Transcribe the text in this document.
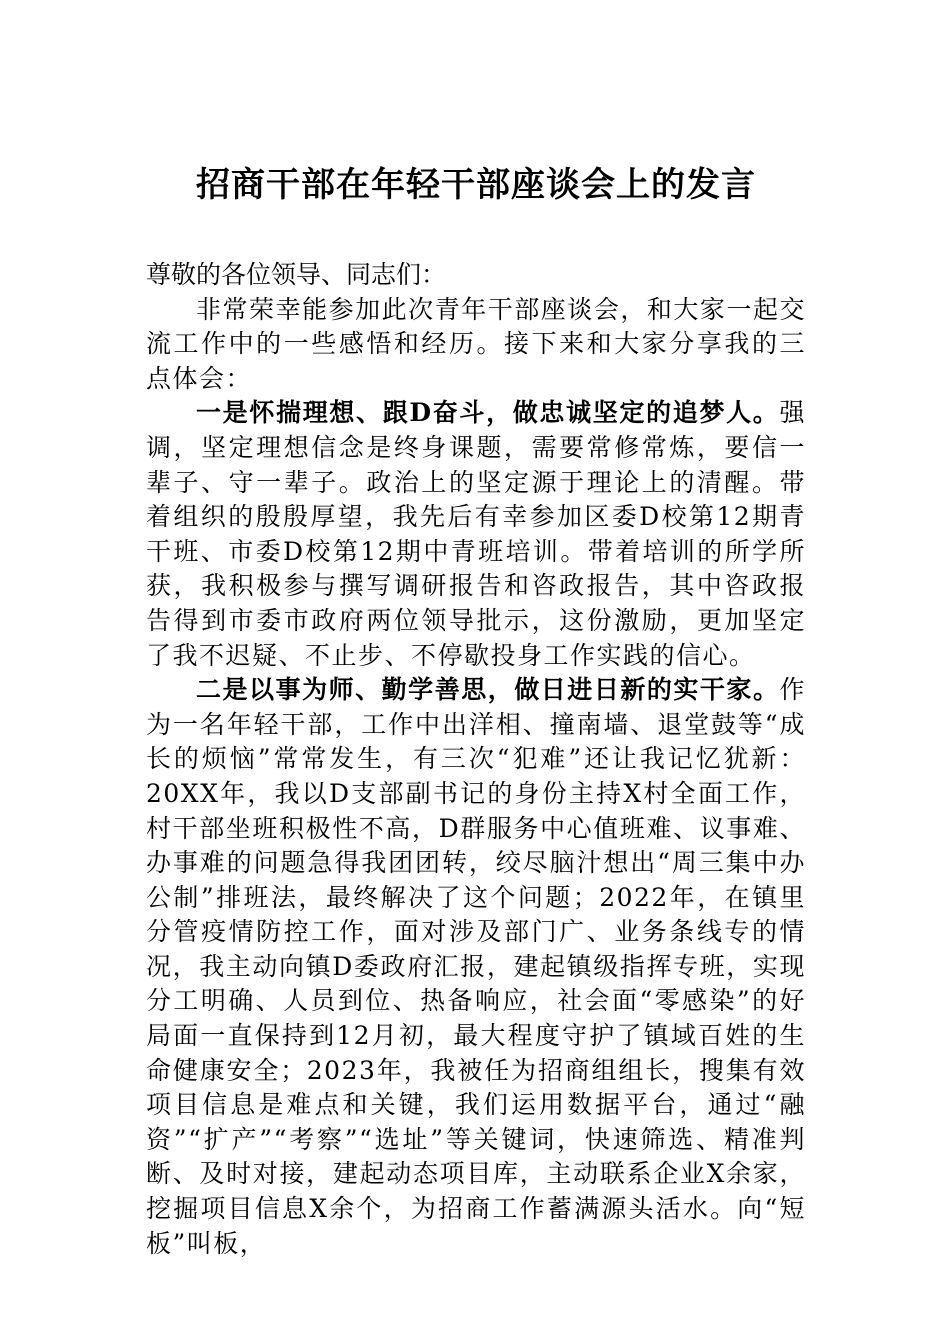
招商干部在年轻干部座谈会上的发言

尊敬的各位领导、同志们：

非常荣幸能参加此次青年干部座谈会，和大家一起交流工作中的一些感悟和经历。接下来和大家分享我的三点体会：

一是怀揣理想、跟D奋斗，做忠诚坚定的追梦人。强调，坚定理想信念是终身课题，需要常修常炼，要信一辈子、守一辈子。政治上的坚定源于理论上的清醒。带着组织的殷殷厚望，我先后有幸参加区委D校第12期青干班、市委D校第12期中青班培训。带着培训的所学所获，我积极参与撰写调研报告和咨政报告，其中咨政报告得到市委市政府两位领导批示，这份激励，更加坚定了我不迟疑、不止步、不停歇投身工作实践的信心。

二是以事为师、勤学善思，做日进日新的实干家。作为一名年轻干部，工作中出洋相、撞南墙、退堂鼓等“成长的烦恼”常常发生，有三次“犯难”还让我记忆犹新：20XX年，我以D支部副书记的身份主持X村全面工作，村干部坐班积极性不高，D群服务中心值班难、议事难、办事难的问题急得我团团转，绞尽脑汁想出“周三集中办公制”排班法，最终解决了这个问题；2022年，在镇里分管疫情防控工作，面对涉及部门广、业务条线专的情况，我主动向镇D委政府汇报，建起镇级指挥专班，实现分工明确、人员到位、热备响应，社会面“零感染”的好局面一直保持到12月初，最大程度守护了镇域百姓的生命健康安全；2023年，我被任为招商组组长，搜集有效项目信息是难点和关键，我们运用数据平台，通过“融资”“扩产”“考察”“选址”等关键词，快速筛选、精准判断、及时对接，建起动态项目库，主动联系企业X余家，挖掘项目信息X余个，为招商工作蓄满源头活水。向“短板”叫板，
